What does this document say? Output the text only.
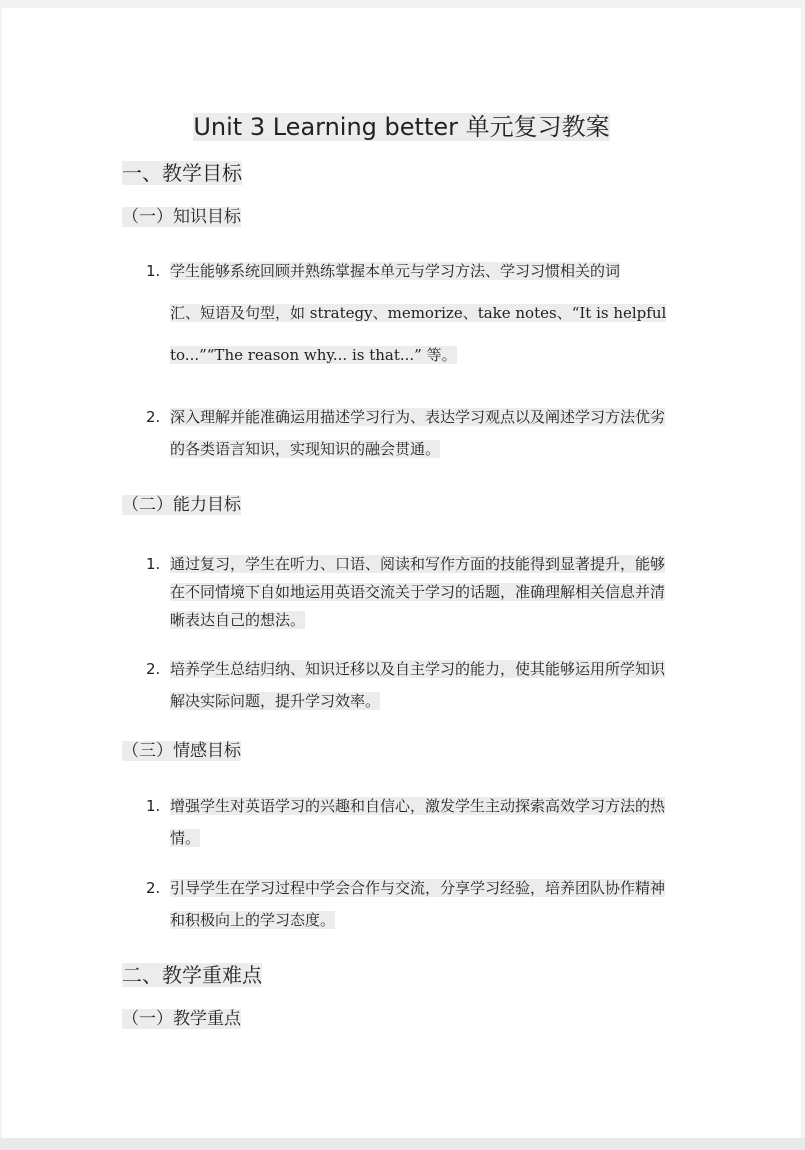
Unit 3 Learning better 单元复习教案
一、教学目标
（一）知识目标
1. 学生能够系统回顾并熟练掌握本单元与学习方法、学习习惯相关的词
汇、短语及句型，如 strategy、memorize、take notes、“It is helpful
to...”“The reason why... is that...” 等。
2. 深入理解并能准确运用描述学习行为、表达学习观点以及阐述学习方法优劣的各类语言知识，实现知识的融会贯通。
（二）能力目标
1. 通过复习，学生在听力、口语、阅读和写作方面的技能得到显著提升，能够在不同情境下自如地运用英语交流关于学习的话题，准确理解相关信息并清晰表达自己的想法。
2. 培养学生总结归纳、知识迁移以及自主学习的能力，使其能够运用所学知识解决实际问题，提升学习效率。
（三）情感目标
1. 增强学生对英语学习的兴趣和自信心，激发学生主动探索高效学习方法的热情。
2. 引导学生在学习过程中学会合作与交流，分享学习经验，培养团队协作精神和积极向上的学习态度。
二、教学重难点
（一）教学重点
